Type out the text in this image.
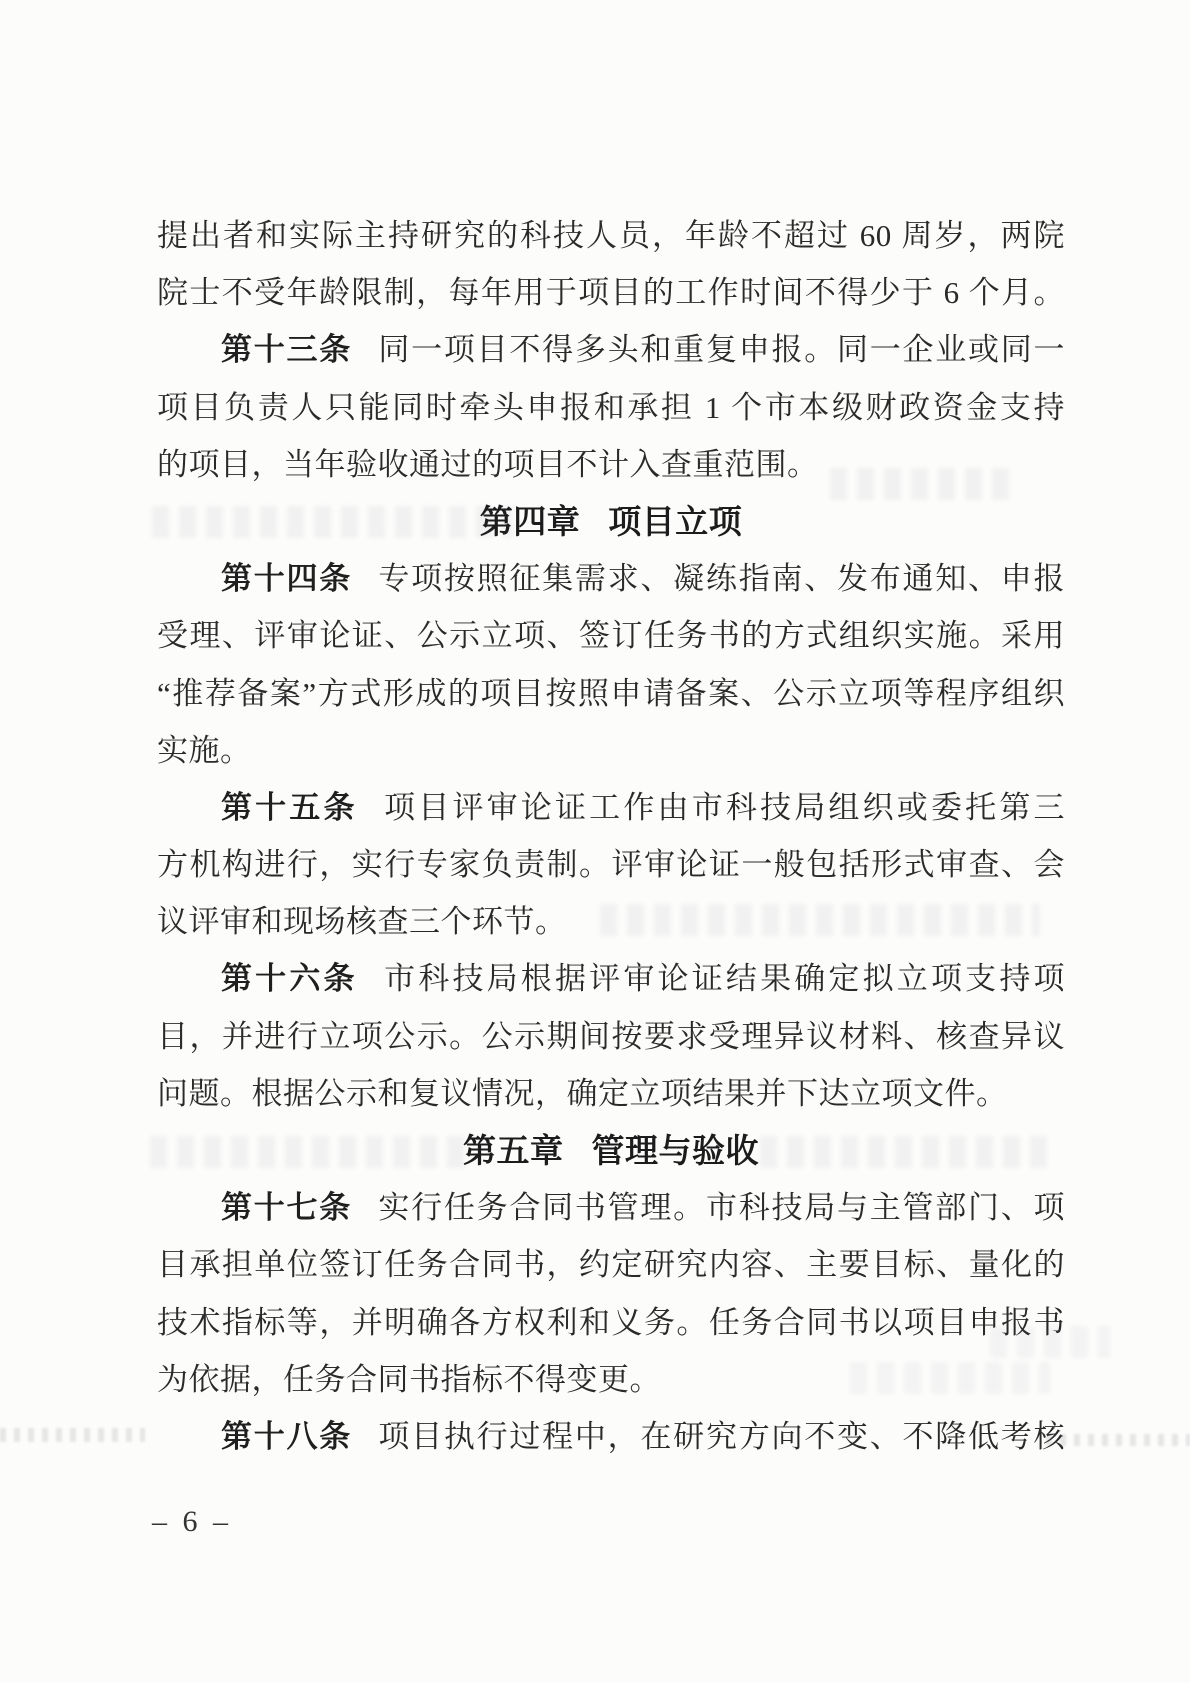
提出者和实际主持研究的科技人员，年龄不超过 60 周岁，两院
院士不受年龄限制，每年用于项目的工作时间不得少于 6 个月。
第十三条 同一项目不得多头和重复申报。同一企业或同一
项目负责人只能同时牵头申报和承担 1 个市本级财政资金支持
的项目，当年验收通过的项目不计入查重范围。
第四章 项目立项
第十四条 专项按照征集需求、凝练指南、发布通知、申报
受理、评审论证、公示立项、签订任务书的方式组织实施。采用
“推荐备案”方式形成的项目按照申请备案、公示立项等程序组织
实施。
第十五条 项目评审论证工作由市科技局组织或委托第三
方机构进行，实行专家负责制。评审论证一般包括形式审查、会
议评审和现场核查三个环节。
第十六条 市科技局根据评审论证结果确定拟立项支持项
目，并进行立项公示。公示期间按要求受理异议材料、核查异议
问题。根据公示和复议情况，确定立项结果并下达立项文件。
第五章 管理与验收
第十七条 实行任务合同书管理。市科技局与主管部门、项
目承担单位签订任务合同书，约定研究内容、主要目标、量化的
技术指标等，并明确各方权利和义务。任务合同书以项目申报书
为依据，任务合同书指标不得变更。
第十八条 项目执行过程中，在研究方向不变、不降低考核
– 6 –
